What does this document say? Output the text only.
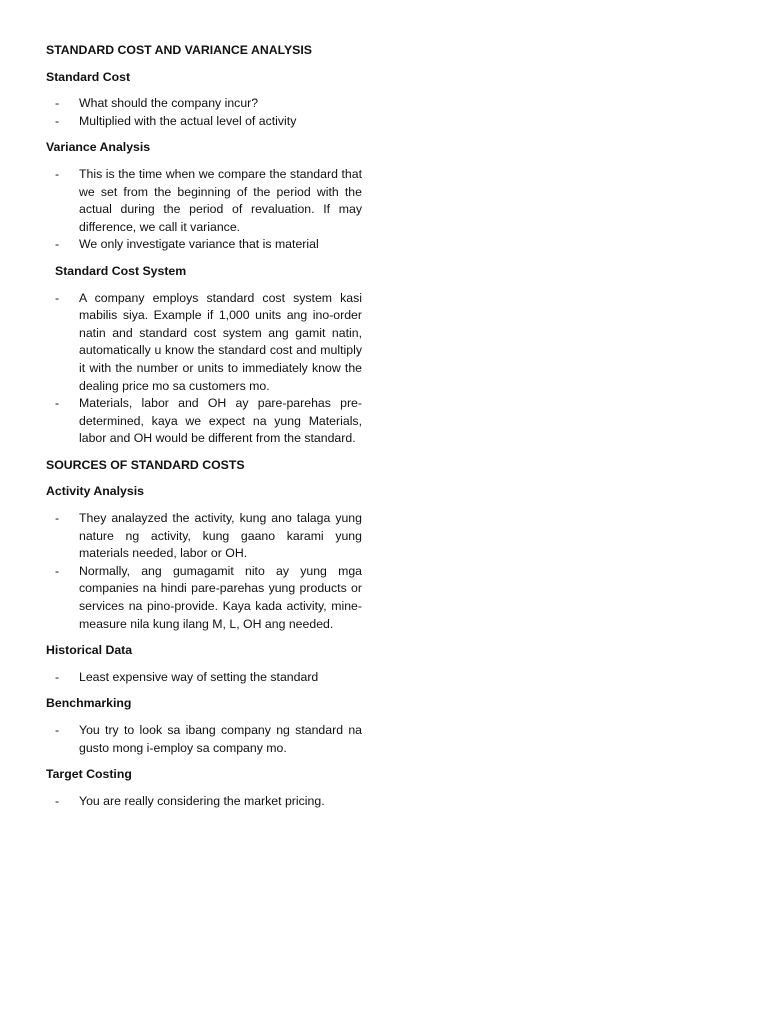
STANDARD COST AND VARIANCE ANALYSIS

Standard Cost

- What should the company incur?
- Multiplied with the actual level of activity

Variance Analysis

- This is the time when we compare the standard that we set from the beginning of the period with the actual during the period of revaluation. If may difference, we call it variance.
- We only investigate variance that is material

Standard Cost System

- A company employs standard cost system kasi mabilis siya. Example if 1,000 units ang ino-order natin and standard cost system ang gamit natin, automatically u know the standard cost and multiply it with the number or units to immediately know the dealing price mo sa customers mo.
- Materials, labor and OH ay pare-parehas pre-determined, kaya we expect na yung Materials, labor and OH would be different from the standard.

SOURCES OF STANDARD COSTS

Activity Analysis

- They analayzed the activity, kung ano talaga yung nature ng activity, kung gaano karami yung materials needed, labor or OH.
- Normally, ang gumagamit nito ay yung mga companies na hindi pare-parehas yung products or services na pino-provide. Kaya kada activity, mine-measure nila kung ilang M, L, OH ang needed.

Historical Data

- Least expensive way of setting the standard

Benchmarking

- You try to look sa ibang company ng standard na gusto mong i-employ sa company mo.

Target Costing

- You are really considering the market pricing.
